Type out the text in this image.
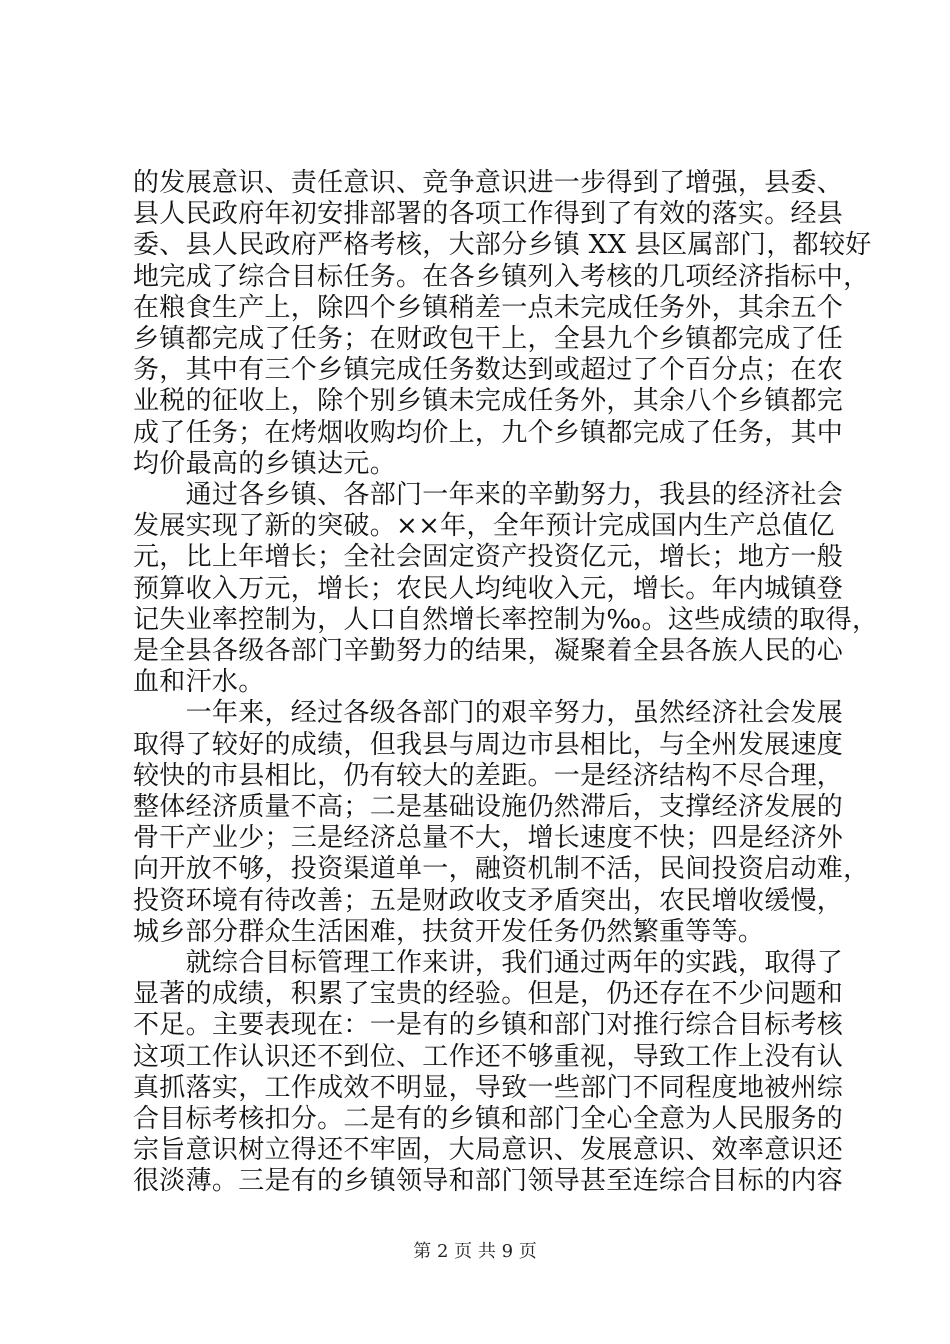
的发展意识、责任意识、竞争意识进一步得到了增强，县委、
县人民政府年初安排部署的各项工作得到了有效的落实。经县
委、县人民政府严格考核，大部分乡镇 XX 县区属部门，都较好
地完成了综合目标任务。在各乡镇列入考核的几项经济指标中，
在粮食生产上，除四个乡镇稍差一点未完成任务外，其余五个
乡镇都完成了任务；在财政包干上，全县九个乡镇都完成了任
务，其中有三个乡镇完成任务数达到或超过了个百分点；在农
业税的征收上，除个别乡镇未完成任务外，其余八个乡镇都完
成了任务；在烤烟收购均价上，九个乡镇都完成了任务，其中
均价最高的乡镇达元。
　　通过各乡镇、各部门一年来的辛勤努力，我县的经济社会
发展实现了新的突破。××年，全年预计完成国内生产总值亿
元，比上年增长；全社会固定资产投资亿元，增长；地方一般
预算收入万元，增长；农民人均纯收入元，增长。年内城镇登
记失业率控制为，人口自然增长率控制为‰。这些成绩的取得，
是全县各级各部门辛勤努力的结果，凝聚着全县各族人民的心
血和汗水。
　　一年来，经过各级各部门的艰辛努力，虽然经济社会发展
取得了较好的成绩，但我县与周边市县相比，与全州发展速度
较快的市县相比，仍有较大的差距。一是经济结构不尽合理，
整体经济质量不高；二是基础设施仍然滞后，支撑经济发展的
骨干产业少；三是经济总量不大，增长速度不快；四是经济外
向开放不够，投资渠道单一，融资机制不活，民间投资启动难，
投资环境有待改善；五是财政收支矛盾突出，农民增收缓慢，
城乡部分群众生活困难，扶贫开发任务仍然繁重等等。
　　就综合目标管理工作来讲，我们通过两年的实践，取得了
显著的成绩，积累了宝贵的经验。但是，仍还存在不少问题和
不足。主要表现在：一是有的乡镇和部门对推行综合目标考核
这项工作认识还不到位、工作还不够重视，导致工作上没有认
真抓落实，工作成效不明显，导致一些部门不同程度地被州综
合目标考核扣分。二是有的乡镇和部门全心全意为人民服务的
宗旨意识树立得还不牢固，大局意识、发展意识、效率意识还
很淡薄。三是有的乡镇领导和部门领导甚至连综合目标的内容
第 2 页 共 9 页
